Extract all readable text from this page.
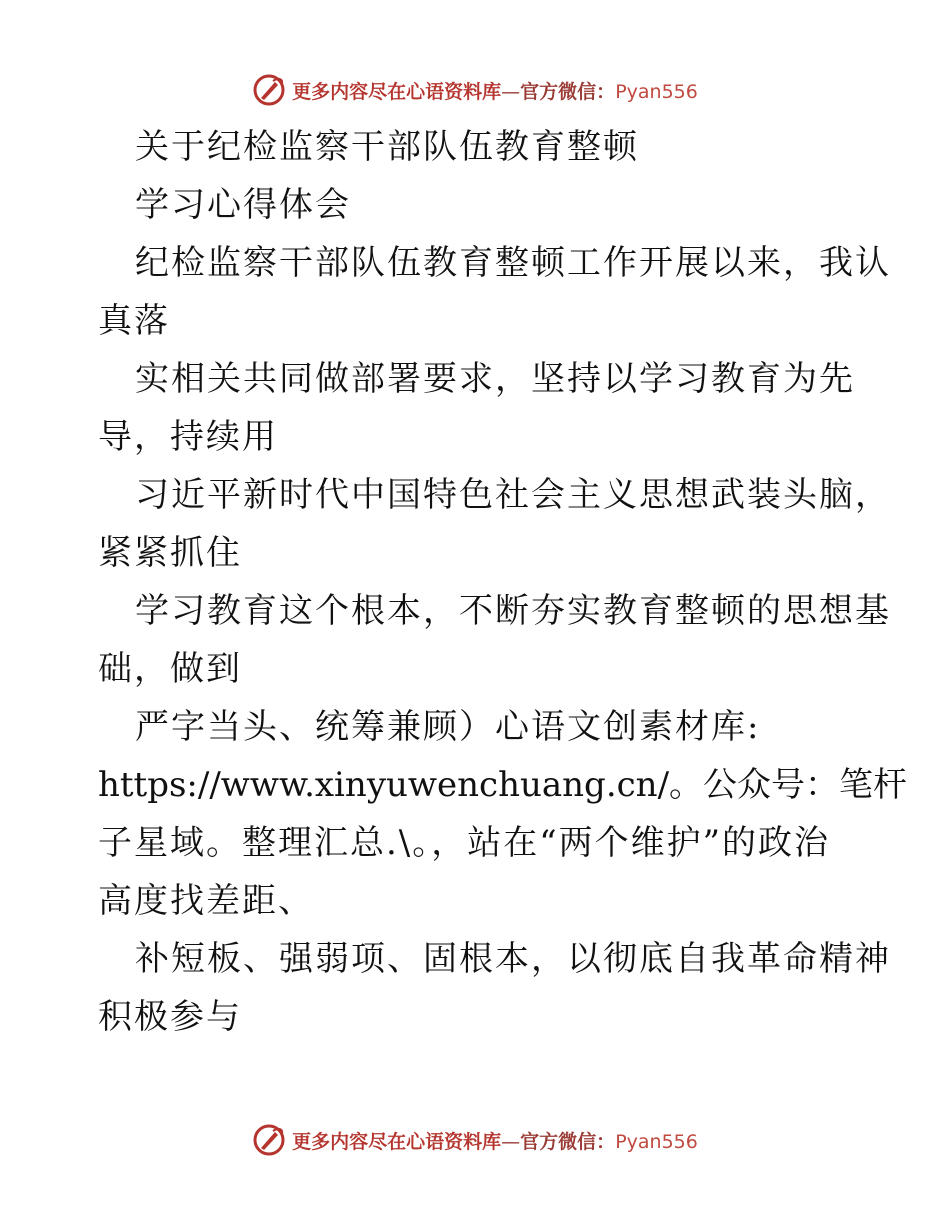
更多内容尽在心语资料库—官方微信：Pyan556
关于纪检监察干部队伍教育整顿
学习心得体会
纪检监察干部队伍教育整顿工作开展以来，我认
真落
实相关共同做部署要求，坚持以学习教育为先
导，持续用
习近平新时代中国特色社会主义思想武装头脑，
紧紧抓住
学习教育这个根本，不断夯实教育整顿的思想基
础，做到
严字当头、统筹兼顾）心语文创素材库:
https://www.xinyuwenchuang.cn/。公众号：笔杆
子星域。整理汇总.\。，站在“两个维护”的政治
高度找差距、
补短板、强弱项、固根本，以彻底自我革命精神
积极参与
更多内容尽在心语资料库—官方微信：Pyan556
